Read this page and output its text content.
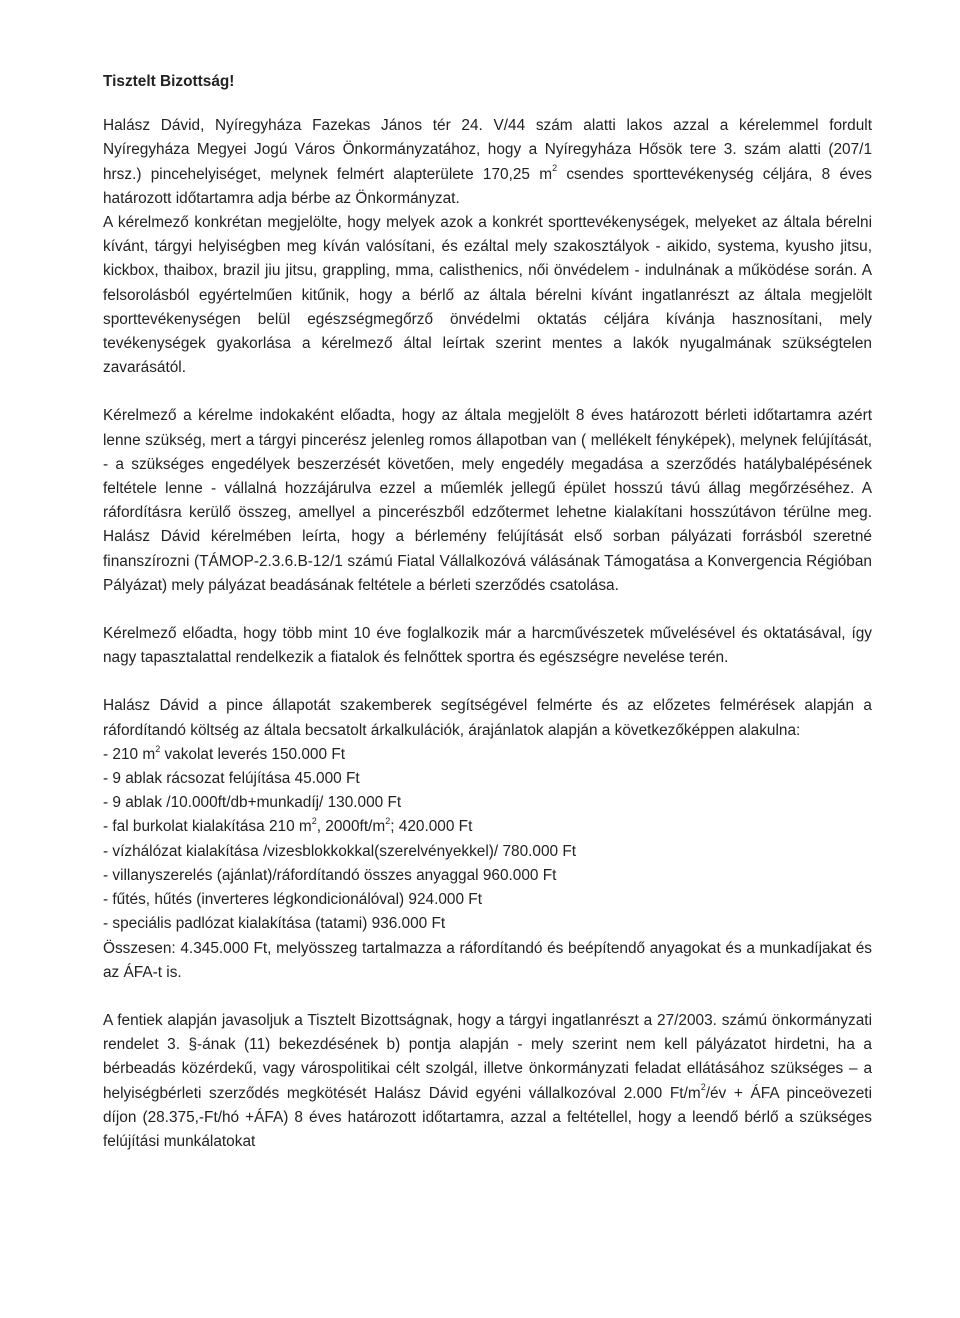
Tisztelt Bizottság!

Halász Dávid, Nyíregyháza Fazekas János tér 24. V/44 szám alatti lakos azzal a kérelemmel fordult Nyíregyháza Megyei Jogú Város Önkormányzatához, hogy a Nyíregyháza Hősök tere 3. szám alatti (207/1 hrsz.) pincehelyiséget, melynek felmért alapterülete 170,25 $m^2$ csendes sporttevékenység céljára, 8 éves határozott időtartamra adja bérbe az Önkormányzat.

A kérelmező konkrétan megjelölte, hogy melyek azok a konkrét sporttevékenységek, melyeket az általa bérelni kívánt, tárgyi helyiségben meg kíván valósítani, és ezáltal mely szakosztályok - aikido, systema, kyusho jitsu, kickbox, thaibox, brazil jiu jitsu, grappling, mma, calisthenics, női önvédelem - indulnának a működése során. A felsorolásból egyértelműen kitűnik, hogy a bérlő az általa bérelni kívánt ingatlanrészt az általa megjelölt sporttevékenységen belül egészségmegőrző önvédelmi oktatás céljára kívánja hasznosítani, mely tevékenységek gyakorlása a kérelmező által leírtak szerint mentes a lakók nyugalmának szükségtelen zavarásától.

Kérelmező a kérelme indokaként előadta, hogy az általa megjelölt 8 éves határozott bérleti időtartamra azért lenne szükség, mert a tárgyi pincerész jelenleg romos állapotban van ( mellékelt fényképek), melynek felújítását, - a szükséges engedélyek beszerzését követően, mely engedély megadása a szerződés hatálybalépésének feltétele lenne - vállalná hozzájárulva ezzel a műemlék jellegű épület hosszú távú állag megőrzéséhez. A ráfordításra kerülő összeg, amellyel a pincerészből edzőtermet lehetne kialakítani hosszútávon térülne meg. Halász Dávid kérelmében leírta, hogy a bérlemény felújítását első sorban pályázati forrásból szeretné finanszírozni (TÁMOP-2.3.6.B-12/1 számú Fiatal Vállalkozóvá válásának Támogatása a Konvergencia Régióban Pályázat) mely pályázat beadásának feltétele a bérleti szerződés csatolása.

Kérelmező előadta, hogy több mint 10 éve foglalkozik már a harcművészetek művelésével és oktatásával, így nagy tapasztalattal rendelkezik a fiatalok és felnőttek sportra és egészségre nevelése terén.

Halász Dávid a pince állapotát szakemberek segítségével felmérte és az előzetes felmérések alapján a ráfordítandó költség az általa becsatolt árkalkulációk, árajánlatok alapján a következőképpen alakulna:

- 210 $m^2$ vakolat leverés 150.000 Ft
- 9 ablak rácsozat felújítása 45.000 Ft
- 9 ablak /10.000ft/db+munkadíj/ 130.000 Ft
- fal burkolat kialakítása 210 $m^2$, $2000ft/m^2$; 420.000 Ft
- vízhálózat kialakítása /vizesblokkokkal(szerelvényekkel)/ 780.000 Ft
- villanyszerelés (ajánlat)/ráfordítandó összes anyaggal 960.000 Ft
- fűtés, hűtés (inverteres légkondicionálóval) 924.000 Ft
- speciális padlózat kialakítása (tatami) 936.000 Ft

Összesen: 4.345.000 Ft, melyösszeg tartalmazza a ráfordítandó és beépítendő anyagokat és a munkadíjakat és az ÁFA-t is.

A fentiek alapján javasoljuk a Tisztelt Bizottságnak, hogy a tárgyi ingatlanrészt a 27/2003. számú önkormányzati rendelet 3. §-ának (11) bekezdésének b) pontja alapján - mely szerint nem kell pályázatot hirdetni, ha a bérbeadás közérdekű, vagy várospolitikai célt szolgál, illetve önkormányzati feladat ellátásához szükséges – a helyiségbérleti szerződés megkötését Halász Dávid egyéni vállalkozóval 2.000 $Ft/m^2/év$ + ÁFA pinceövezeti díjon (28.375,-Ft/hó +ÁFA) 8 éves határozott időtartamra, azzal a feltétellel, hogy a leendő bérlő a szükséges felújítási munkálatokat
